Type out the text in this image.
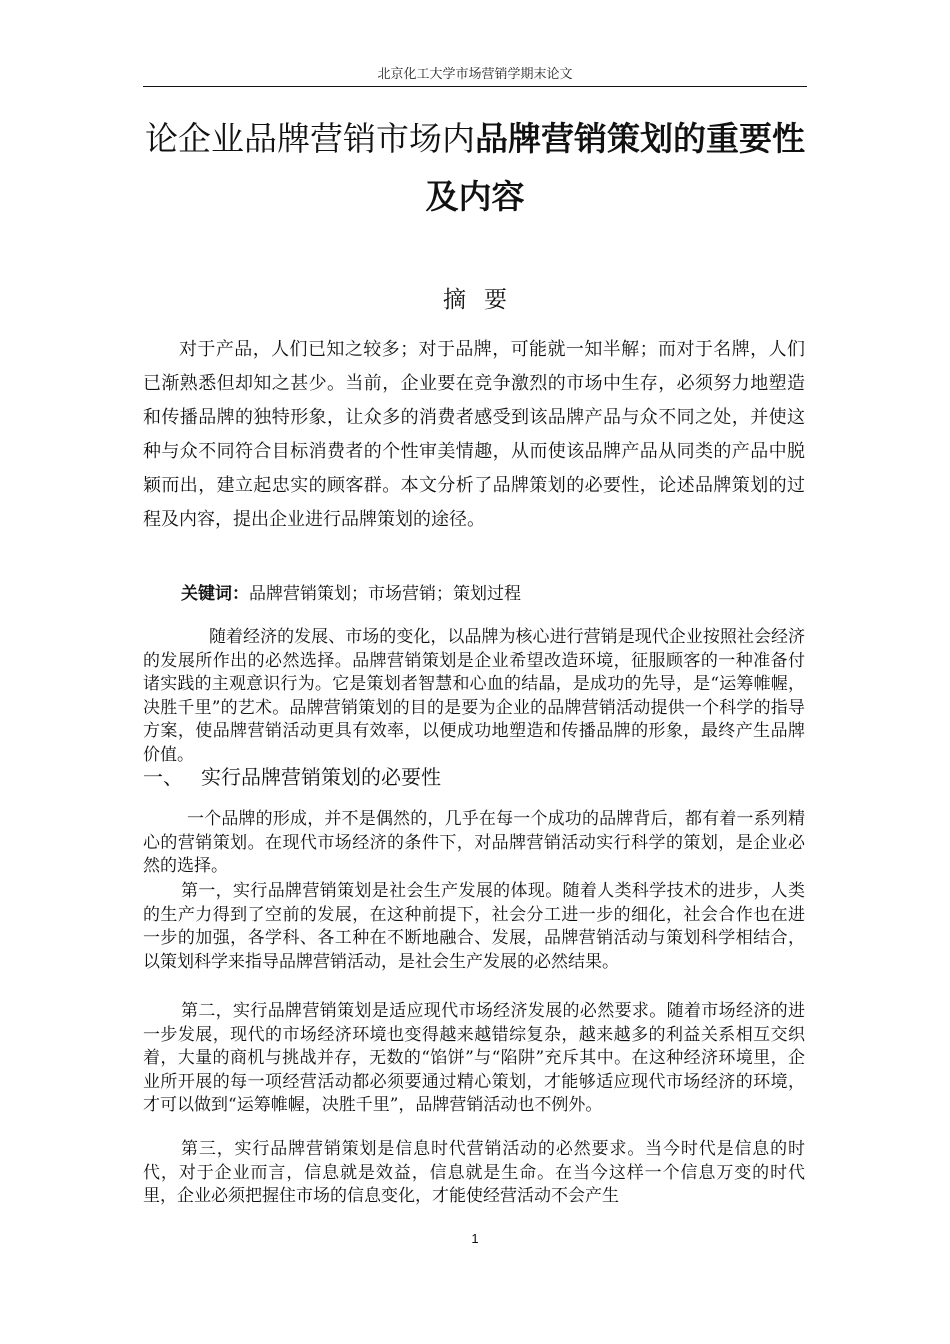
北京化工大学市场营销学期末论文
论企业品牌营销市场内品牌营销策划的重要性及内容
摘要

对于产品，人们已知之较多；对于品牌，可能就一知半解；而对于名牌，人们已渐熟悉但却知之甚少。当前，企业要在竞争激烈的市场中生存，必须努力地塑造和传播品牌的独特形象，让众多的消费者感受到该品牌产品与众不同之处，并使这种与众不同符合目标消费者的个性审美情趣，从而使该品牌产品从同类的产品中脱颖而出，建立起忠实的顾客群。本文分析了品牌策划的必要性，论述品牌策划的过程及内容，提出企业进行品牌策划的途径。

关键词：品牌营销策划；市场营销；策划过程

随着经济的发展、市场的变化，以品牌为核心进行营销是现代企业按照社会经济的发展所作出的必然选择。品牌营销策划是企业希望改造环境，征服顾客的一种准备付诸实践的主观意识行为。它是策划者智慧和心血的结晶，是成功的先导，是“运筹帷幄，决胜千里”的艺术。品牌营销策划的目的是要为企业的品牌营销活动提供一个科学的指导方案，使品牌营销活动更具有效率，以便成功地塑造和传播品牌的形象，最终产生品牌价值。

一、 实行品牌营销策划的必要性

一个品牌的形成，并不是偶然的，几乎在每一个成功的品牌背后，都有着一系列精心的营销策划。在现代市场经济的条件下，对品牌营销活动实行科学的策划，是企业必然的选择。

第一，实行品牌营销策划是社会生产发展的体现。随着人类科学技术的进步，人类的生产力得到了空前的发展，在这种前提下，社会分工进一步的细化，社会合作也在进一步的加强，各学科、各工种在不断地融合、发展，品牌营销活动与策划科学相结合，以策划科学来指导品牌营销活动，是社会生产发展的必然结果。

第二，实行品牌营销策划是适应现代市场经济发展的必然要求。随着市场经济的进一步发展，现代的市场经济环境也变得越来越错综复杂，越来越多的利益关系相互交织着，大量的商机与挑战并存，无数的“馅饼”与“陷阱”充斥其中。在这种经济环境里，企业所开展的每一项经营活动都必须要通过精心策划，才能够适应现代市场经济的环境，才可以做到“运筹帷幄，决胜千里”，品牌营销活动也不例外。

第三，实行品牌营销策划是信息时代营销活动的必然要求。当今时代是信息的时代，对于企业而言，信息就是效益，信息就是生命。在当今这样一个信息万变的时代里，企业必须把握住市场的信息变化，才能使经营活动不会产生

1
